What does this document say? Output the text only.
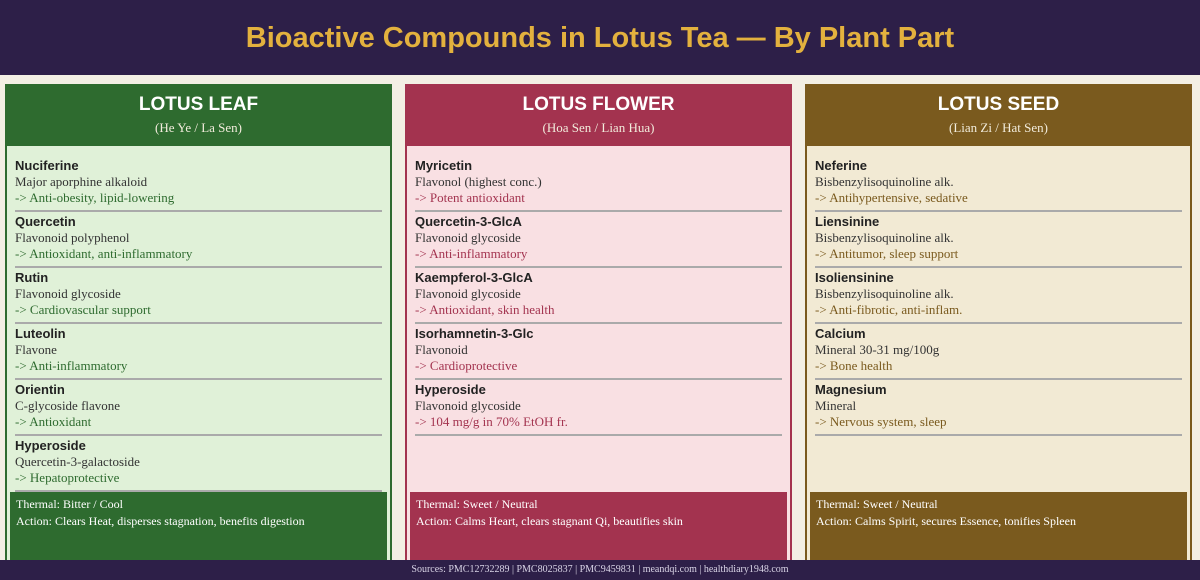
Bioactive Compounds in Lotus Tea — By Plant Part
LOTUS LEAF
(He Ye / La Sen)
Nuciferine
Major aporphine alkaloid
-> Anti-obesity, lipid-lowering
Quercetin
Flavonoid polyphenol
-> Antioxidant, anti-inflammatory
Rutin
Flavonoid glycoside
-> Cardiovascular support
Luteolin
Flavone
-> Anti-inflammatory
Orientin
C-glycoside flavone
-> Antioxidant
Hyperoside
Quercetin-3-galactoside
-> Hepatoprotective
Thermal: Bitter / Cool
Action: Clears Heat, disperses stagnation, benefits digestion
LOTUS FLOWER
(Hoa Sen / Lian Hua)
Myricetin
Flavonol (highest conc.)
-> Potent antioxidant
Quercetin-3-GlcA
Flavonoid glycoside
-> Anti-inflammatory
Kaempferol-3-GlcA
Flavonoid glycoside
-> Antioxidant, skin health
Isorhamnetin-3-Glc
Flavonoid
-> Cardioprotective
Hyperoside
Flavonoid glycoside
-> 104 mg/g in 70% EtOH fr.
Thermal: Sweet / Neutral
Action: Calms Heart, clears stagnant Qi, beautifies skin
LOTUS SEED
(Lian Zi / Hat Sen)
Neferine
Bisbenzylisoquinoline alk.
-> Antihypertensive, sedative
Liensinine
Bisbenzylisoquinoline alk.
-> Antitumor, sleep support
Isoliensinine
Bisbenzylisoquinoline alk.
-> Anti-fibrotic, anti-inflam.
Calcium
Mineral 30-31 mg/100g
-> Bone health
Magnesium
Mineral
-> Nervous system, sleep
Thermal: Sweet / Neutral
Action: Calms Spirit, secures Essence, tonifies Spleen
Sources: PMC12732289 | PMC8025837 | PMC9459831 | meandqi.com | healthdiary1948.com
